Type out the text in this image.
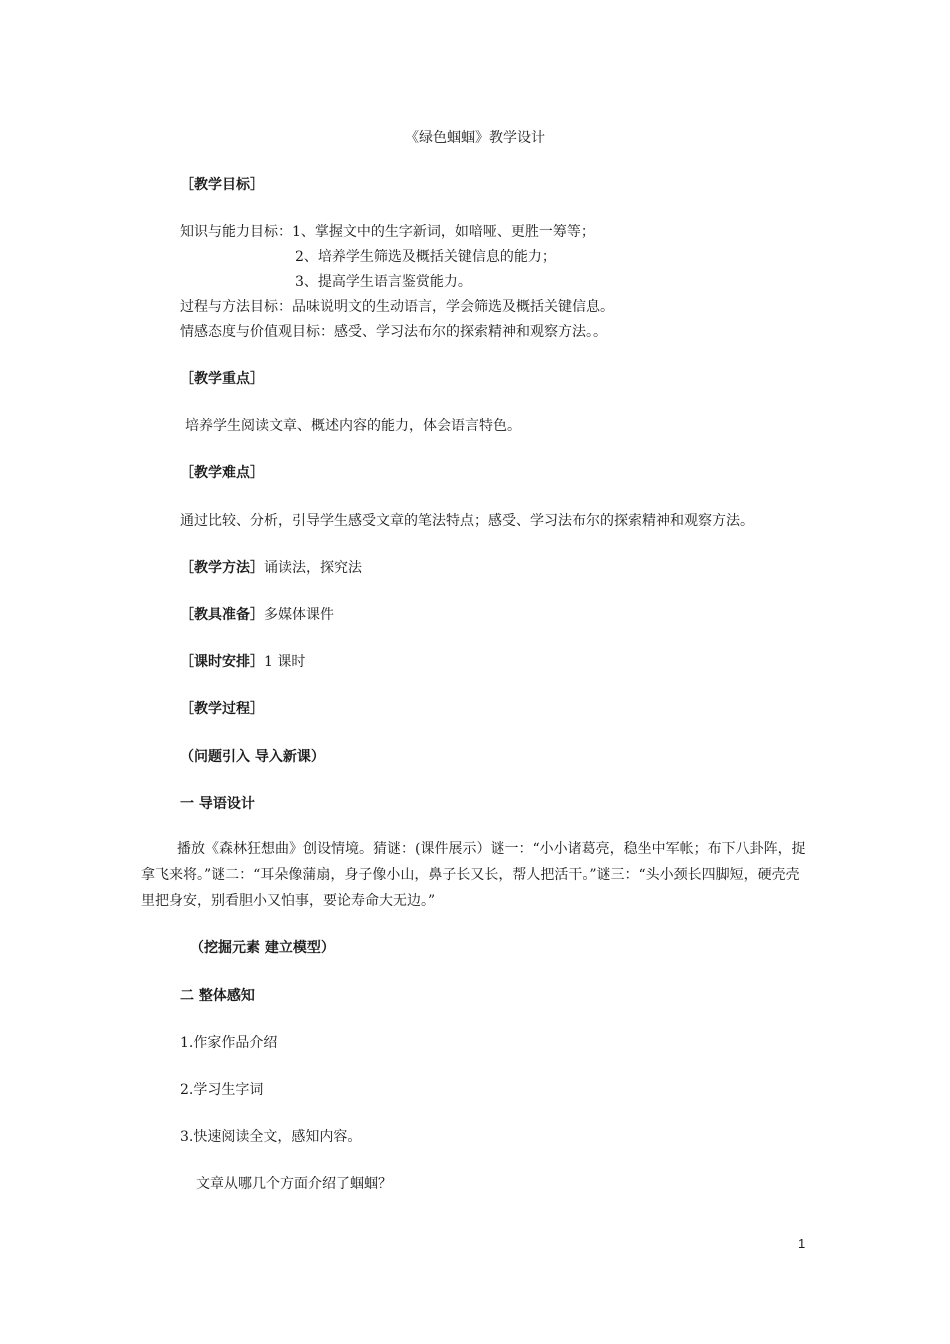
《绿色蝈蝈》教学设计
［教学目标］
知识与能力目标：1、掌握文中的生字新词，如喑哑、更胜一筹等；
2、培养学生筛选及概括关键信息的能力；
3、提高学生语言鉴赏能力。
过程与方法目标：品味说明文的生动语言，学会筛选及概括关键信息。
情感态度与价值观目标：感受、学习法布尔的探索精神和观察方法。。
［教学重点］
培养学生阅读文章、概述内容的能力，体会语言特色。
［教学难点］
通过比较、分析，引导学生感受文章的笔法特点；感受、学习法布尔的探索精神和观察方法。
［教学方法］诵读法，探究法
［教具准备］多媒体课件
［课时安排］1 课时
［教学过程］
（问题引入 导入新课）
一 导语设计
播放《森林狂想曲》创设情境。猜谜：(课件展示）谜一：“小小诸葛亮，稳坐中军帐；布下八卦阵，捉拿飞来将。”谜二：“耳朵像蒲扇，身子像小山，鼻子长又长，帮人把活干。”谜三：“头小颈长四脚短，硬壳壳里把身安，别看胆小又怕事，要论寿命大无边。”
（挖掘元素 建立模型）
二 整体感知
1.作家作品介绍
2.学习生字词
3.快速阅读全文，感知内容。
文章从哪几个方面介绍了蝈蝈？
1
